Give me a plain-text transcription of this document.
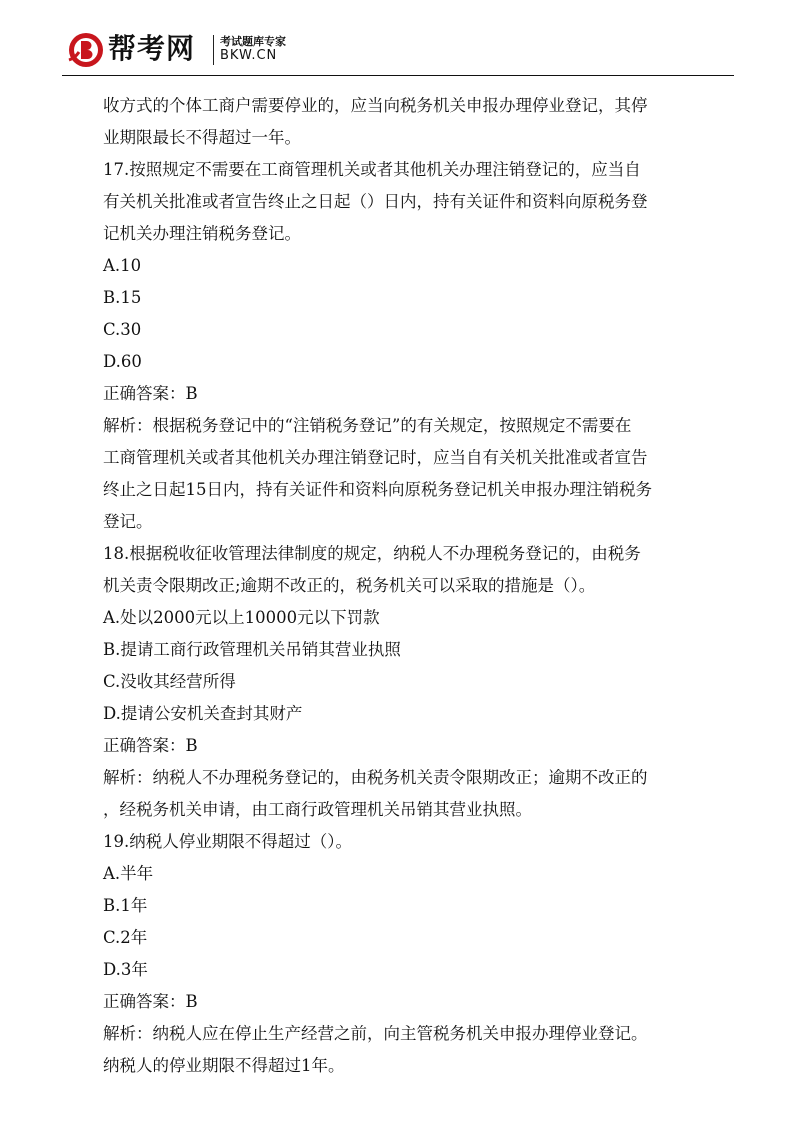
帮考网 考试题库专家
BKW.CN
收方式的个体工商户需要停业的，应当向税务机关申报办理停业登记，其停
业期限最长不得超过一年。
17.按照规定不需要在工商管理机关或者其他机关办理注销登记的，应当自
有关机关批准或者宣告终止之日起（）日内，持有关证件和资料向原税务登
记机关办理注销税务登记。
A.10
B.15
C.30
D.60
正确答案：B
解析：根据税务登记中的“注销税务登记”的有关规定，按照规定不需要在
工商管理机关或者其他机关办理注销登记时，应当自有关机关批准或者宣告
终止之日起15日内，持有关证件和资料向原税务登记机关申报办理注销税务
登记。
18.根据税收征收管理法律制度的规定，纳税人不办理税务登记的，由税务
机关责令限期改正;逾期不改正的，税务机关可以采取的措施是（）。
A.处以2000元以上10000元以下罚款
B.提请工商行政管理机关吊销其营业执照
C.没收其经营所得
D.提请公安机关查封其财产
正确答案：B
解析：纳税人不办理税务登记的，由税务机关责令限期改正；逾期不改正的
，经税务机关申请，由工商行政管理机关吊销其营业执照。
19.纳税人停业期限不得超过（）。
A.半年
B.1年
C.2年
D.3年
正确答案：B
解析：纳税人应在停止生产经营之前，向主管税务机关申报办理停业登记。
纳税人的停业期限不得超过1年。
